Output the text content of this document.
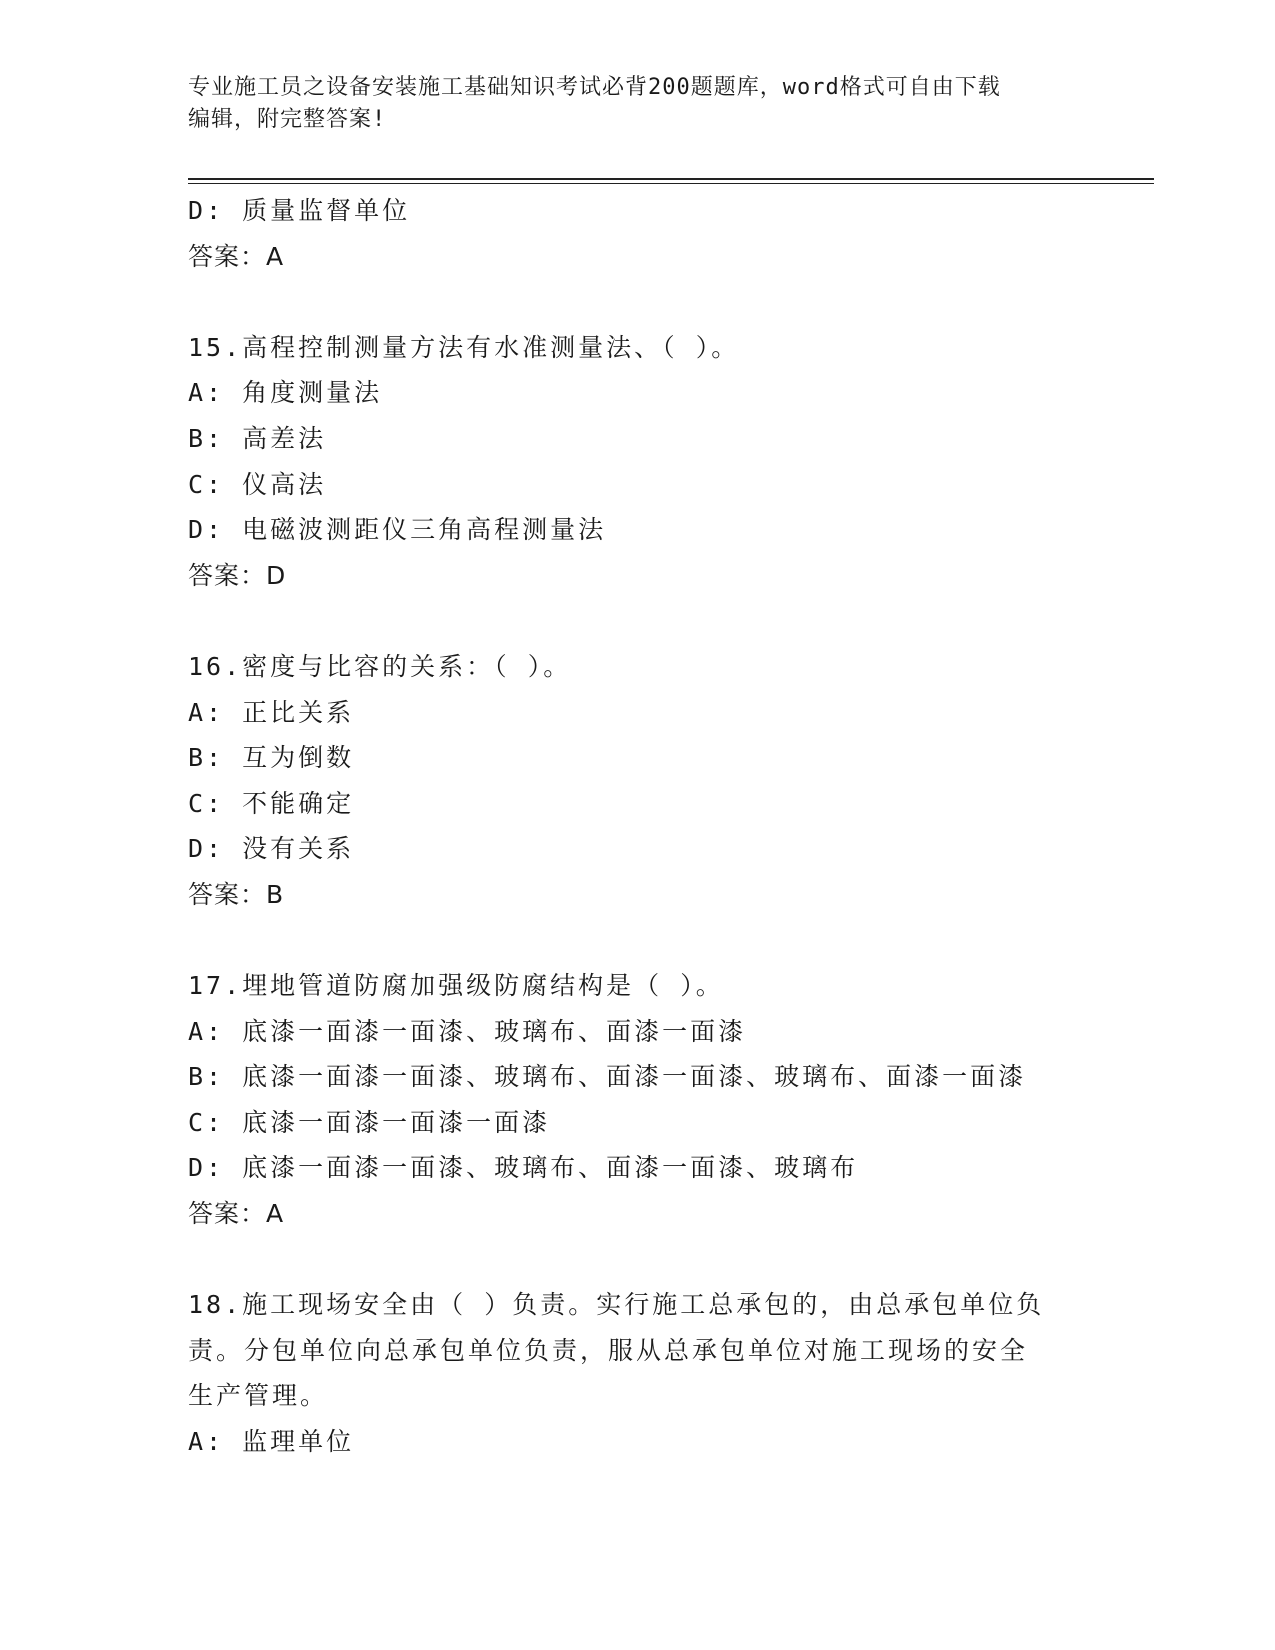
专业施工员之设备安装施工基础知识考试必背200题题库，word格式可自由下载
编辑，附完整答案!
D: 质量监督单位
答案：A
15.高程控制测量方法有水准测量法、（ ）。
A: 角度测量法
B: 高差法
C: 仪高法
D: 电磁波测距仪三角高程测量法
答案：D
16.密度与比容的关系：（ ）。
A: 正比关系
B: 互为倒数
C: 不能确定
D: 没有关系
答案：B
17.埋地管道防腐加强级防腐结构是（ ）。
A: 底漆一面漆一面漆、玻璃布、面漆一面漆
B: 底漆一面漆一面漆、玻璃布、面漆一面漆、玻璃布、面漆一面漆
C: 底漆一面漆一面漆一面漆
D: 底漆一面漆一面漆、玻璃布、面漆一面漆、玻璃布
答案：A
18.施工现场安全由（ ）负责。实行施工总承包的，由总承包单位负
责。分包单位向总承包单位负责，服从总承包单位对施工现场的安全
生产管理。
A: 监理单位
